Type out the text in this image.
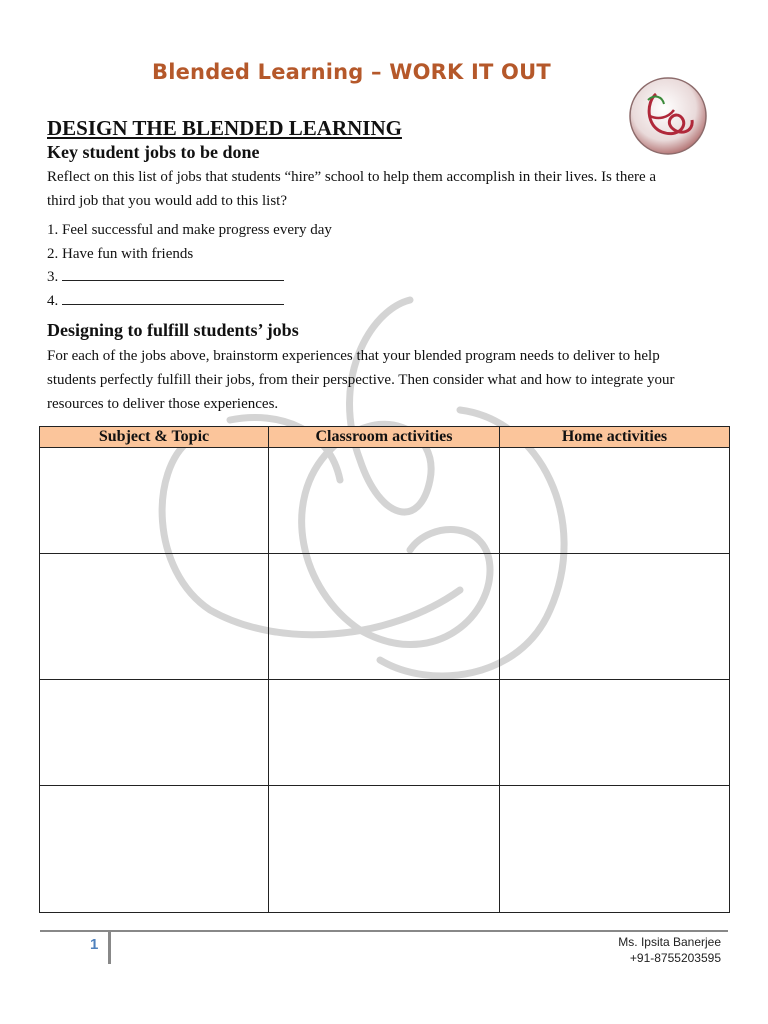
Blended Learning – WORK IT OUT
DESIGN THE BLENDED LEARNING
Key student jobs to be done
Reflect on this list of jobs that students “hire” school to help them accomplish in their lives. Is there a third job that you would add to this list?
1. Feel successful and make progress every day
2. Have fun with friends
3.
4.
Designing to fulfill students’ jobs
For each of the jobs above, brainstorm experiences that your blended program needs to deliver to help students perfectly fulfill their jobs, from their perspective. Then consider what and how to integrate your resources to deliver those experiences.
Subject & Topic	Classroom activities	Home activities

1	Ms. Ipsita Banerjee
+91-8755203595
